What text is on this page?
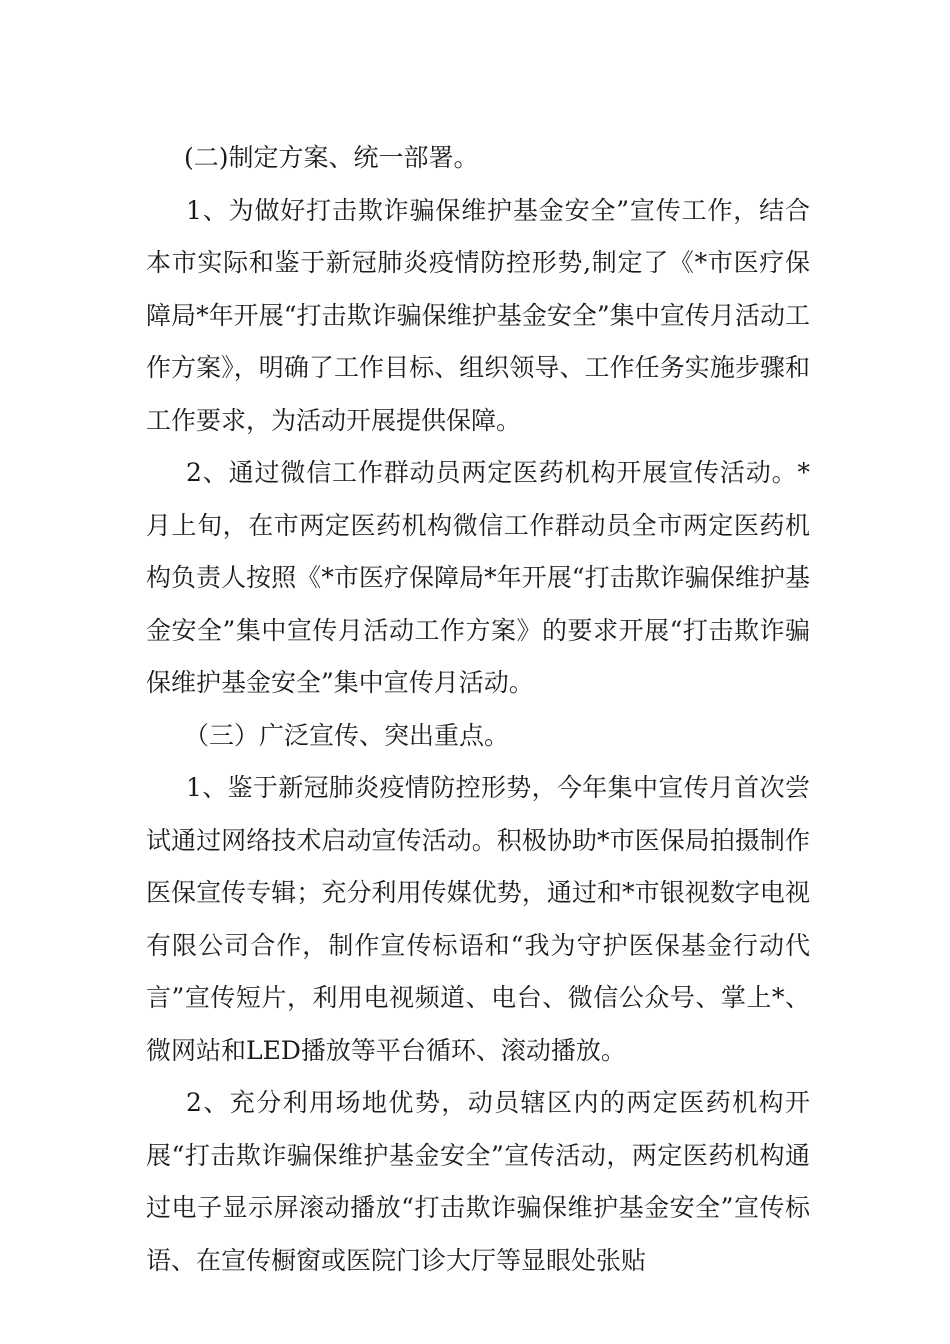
(二)制定方案、统一部署。

1、为做好打击欺诈骗保维护基金安全”宣传工作，结合本市实际和鉴于新冠肺炎疫情防控形势,制定了《*市医疗保障局*年开展“打击欺诈骗保维护基金安全”集中宣传月活动工作方案》，明确了工作目标、组织领导、工作任务实施步骤和工作要求，为活动开展提供保障。

2、通过微信工作群动员两定医药机构开展宣传活动。*月上旬，在市两定医药机构微信工作群动员全市两定医药机构负责人按照《*市医疗保障局*年开展“打击欺诈骗保维护基金安全”集中宣传月活动工作方案》的要求开展“打击欺诈骗保维护基金安全”集中宣传月活动。

（三）广泛宣传、突出重点。

1、鉴于新冠肺炎疫情防控形势，今年集中宣传月首次尝试通过网络技术启动宣传活动。积极协助*市医保局拍摄制作医保宣传专辑；充分利用传媒优势，通过和*市银视数字电视有限公司合作，制作宣传标语和“我为守护医保基金行动代言”宣传短片，利用电视频道、电台、微信公众号、掌上*、微网站和LED播放等平台循环、滚动播放。

2、充分利用场地优势，动员辖区内的两定医药机构开展“打击欺诈骗保维护基金安全”宣传活动，两定医药机构通过电子显示屏滚动播放“打击欺诈骗保维护基金安全”宣传标语、在宣传橱窗或医院门诊大厅等显眼处张贴
